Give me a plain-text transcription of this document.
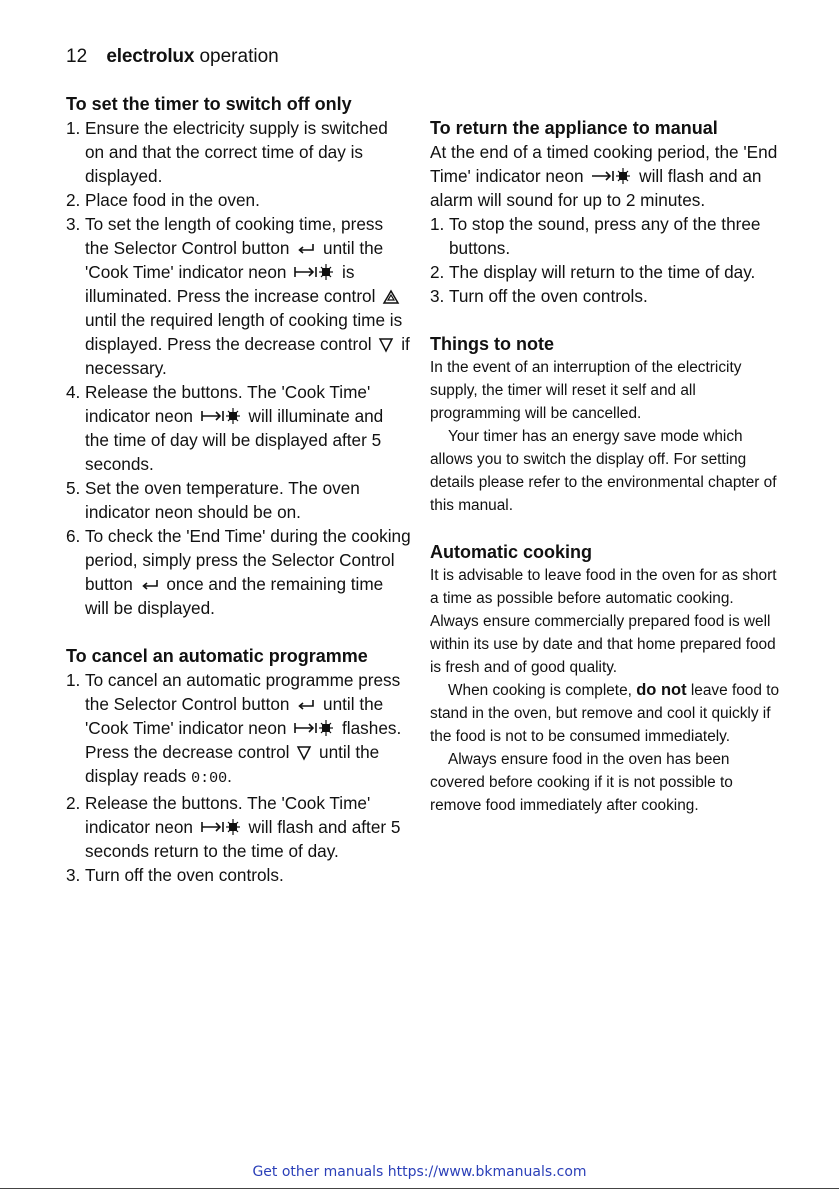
12 electrolux operation

To set the timer to switch off only

1. Ensure the electricity supply is switched on and that the correct time of day is displayed.
2. Place food in the oven.
3. To set the length of cooking time, press the Selector Control button until the 'Cook Time' indicator neon	is illuminated. Press the increase control  until the required length of cooking time is displayed. Press the decrease control if necessary.
4. Release the buttons. The 'Cook Time' indicator neon	will illuminate and the time of day will be displayed after 5 seconds.
5. Set the oven temperature. The oven indicator neon should be on.
6. To check the 'End Time' during the cooking period, simply press the Selector Control button once and the remaining time will be displayed.

To cancel an automatic programme

1. To cancel an automatic programme press the Selector Control button until the 'Cook Time' indicator neon	flashes. Press the decrease control until the display reads 0:00.
2. Release the buttons. The 'Cook Time' indicator neon	will flash and after 5 seconds return to the time of day.
3. Turn off the oven controls.

To return the appliance to manual

At the end of a timed cooking period, the 'End Time' indicator neon	will flash and an alarm will sound for up to 2 minutes.
1. To stop the sound, press any of the three buttons.
2. The display will return to the time of day.
3. Turn off the oven controls.

Things to note

In the event of an interruption of the electricity supply, the timer will reset it self and all programming will be cancelled.
Your timer has an energy save mode which allows you to switch the display off. For setting details please refer to the environmental chapter of this manual.

Automatic cooking

It is advisable to leave food in the oven for as short a time as possible before automatic cooking. Always ensure commercially prepared food is well within its use by date and that home prepared food is fresh and of good quality.
When cooking is complete, do not leave food to stand in the oven, but remove and cool it quickly if the food is not to be consumed immediately.
Always ensure food in the oven has been covered before cooking if it is not possible to remove food immediately after cooking.
Get other manuals https://www.bkmanuals.com
